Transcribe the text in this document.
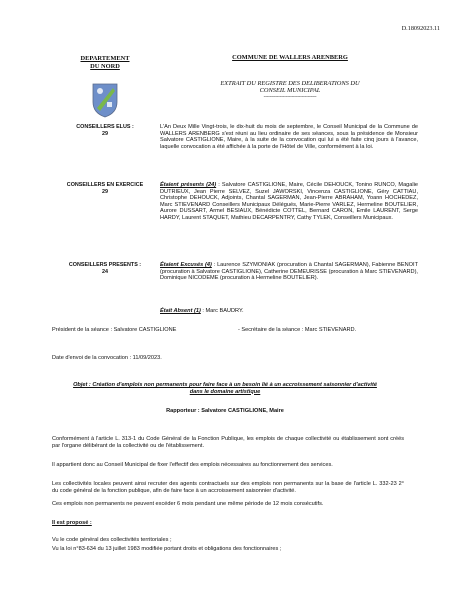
D.18092023.11
DEPARTEMENT
DU NORD
COMMUNE DE WALLERS ARENBERG
EXTRAIT DU REGISTRE DES DELIBERATIONS DU
CONSEIL MUNICIPAL
------------------------------------
CONSEILLERS ELUS :
29
L'An Deux Mille Vingt-trois, le dix-huit du mois de septembre, le Conseil Municipal de la Commune de WALLERS ARENBERG s'est réuni au lieu ordinaire de ses séances, sous la présidence de Monsieur Salvatore CASTIGLIONE, Maire, à la suite de la convocation qui lui a été faite cinq jours à l'avance, laquelle convocation a été affichée à la porte de l'Hôtel de Ville, conformément à la loi.
CONSEILLERS EN EXERCICE
29
Étaient présents (24) : Salvatore CASTIGLIONE, Maire, Cécile DEHOUCK, Tonino RUNCO, Magalie DUTRIEUX, Jean Pierre SELVEZ, Suzel JAWORSKI, Vincenza CASTIGLIONE, Géry CATTIAU, Christophe DEHOUCK, Adjoints, Chantal SAGERMAN, Jean-Pierre ABRAHAM, Yoann HOCHEDEZ, Marc STIEVENARD Conseillers Municipaux Délégués, Marie-Pierre VARLEZ, Hermeline BOUTELIER, Aurore DUSSART, Armel BESIAUX, Bénédicte COTTEL, Bernard CARON, Emile LAURENT, Serge HARDY, Laurent STAQUET, Mathieu DECARPENTRY, Cathy TYLEK, Conseillers Municipaux.
CONSEILLERS PRESENTS :
24
Étaient Excusés (4) : Laurence SZYMONIAK (procuration à Chantal SAGERMAN), Fabienne BENOIT (procuration à Salvatore CASTIGLIONE), Catherine DEMEURISSE (procuration à Marc STIEVENARD), Dominique NICODEME (procuration à Hermeline BOUTELIER).
Était Absent (1) : Marc BAUDRY.
Président de la séance : Salvatore CASTIGLIONE	- Secrétaire de la séance : Marc STIEVENARD.
Date d'envoi de la convocation : 11/09/2023.
Objet : Création d'emplois non permanents pour faire face à un besoin lié à un accroissement saisonnier d'activité
dans le domaine artistique
Rapporteur : Salvatore CASTIGLIONE, Maire
Conformément à l'article L. 313-1 du Code Général de la Fonction Publique, les emplois de chaque collectivité ou établissement sont créés par l'organe délibérant de la collectivité ou de l'établissement.
Il appartient donc au Conseil Municipal de fixer l'effectif des emplois nécessaires au fonctionnement des services.
Les collectivités locales peuvent ainsi recruter des agents contractuels sur des emplois non permanents sur la base de l'article L. 332-23 2° du code général de la fonction publique, afin de faire face à un accroissement saisonnier d'activité.
Ces emplois non permanents ne peuvent excéder 6 mois pendant une même période de 12 mois consécutifs.
Il est proposé :
Vu le code général des collectivités territoriales ;
Vu la loi n°83-634 du 13 juillet 1983 modifiée portant droits et obligations des fonctionnaires ;
